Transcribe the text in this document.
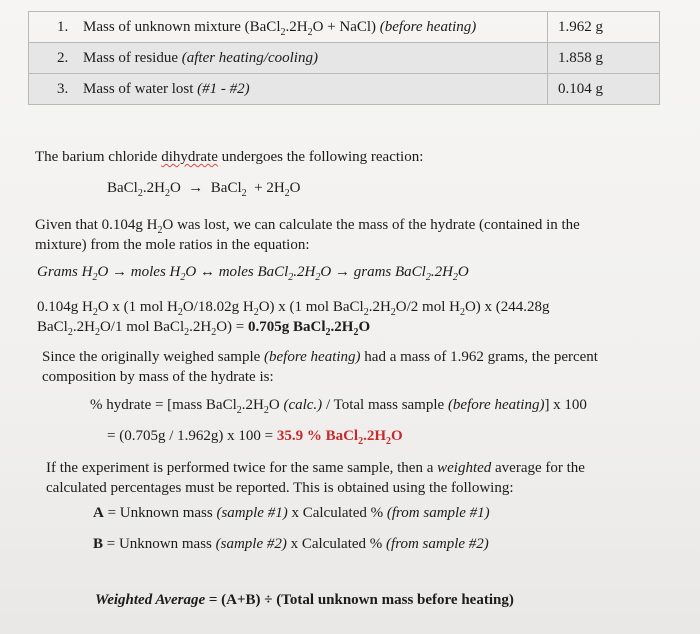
1. Mass of unknown mixture ($BaCl_2.2H_2O$ + NaCl) (before heating)	1.962 g
2. Mass of residue (after heating/cooling)	1.858 g
3. Mass of water lost (#1 - #2)	0.104 g
The barium chloride dihydrate undergoes the following reaction:
$BaCl_2.2H_2O$ → BaCl$_2$  + $2H_2O$
Given that 0.104g $H_2O$ was lost, we can calculate the mass of the hydrate (contained in the
mixture) from the mole ratios in the equation:
Grams $H_2O$ → moles $H_2O$ ↔ moles $BaCl_2.2H_2O$ → grams $BaCl_2.2H_2O$
0.104g $H_2O$ x (1 mol $H_2O/18.02g$ $H_2O$) x (1 mol $BaCl_2.2H_2O/2$ mol $H_2O$) x (244.28g
$BaCl_2.2H_2O/1$ mol $BaCl_2.2H_2O) = 0.705g$ $BaCl_2.2H_2O$
Since the originally weighed sample (before heating) had a mass of 1.962 grams, the percent
composition by mass of the hydrate is:
% hydrate = [mass $BaCl_2.2H_2O$ (calc.) / Total mass sample (before heating)] x 100
= (0.705g / 1.962g) x 100 = 35.9 % $BaCl_2.2H_2O$
If the experiment is performed twice for the same sample, then a weighted average for the
calculated percentages must be reported. This is obtained using the following:
A = Unknown mass (sample #1) x Calculated % (from sample #1)
B = Unknown mass (sample #2) x Calculated % (from sample #2)
Weighted Average = (A+B) ÷ (Total unknown mass before heating)
